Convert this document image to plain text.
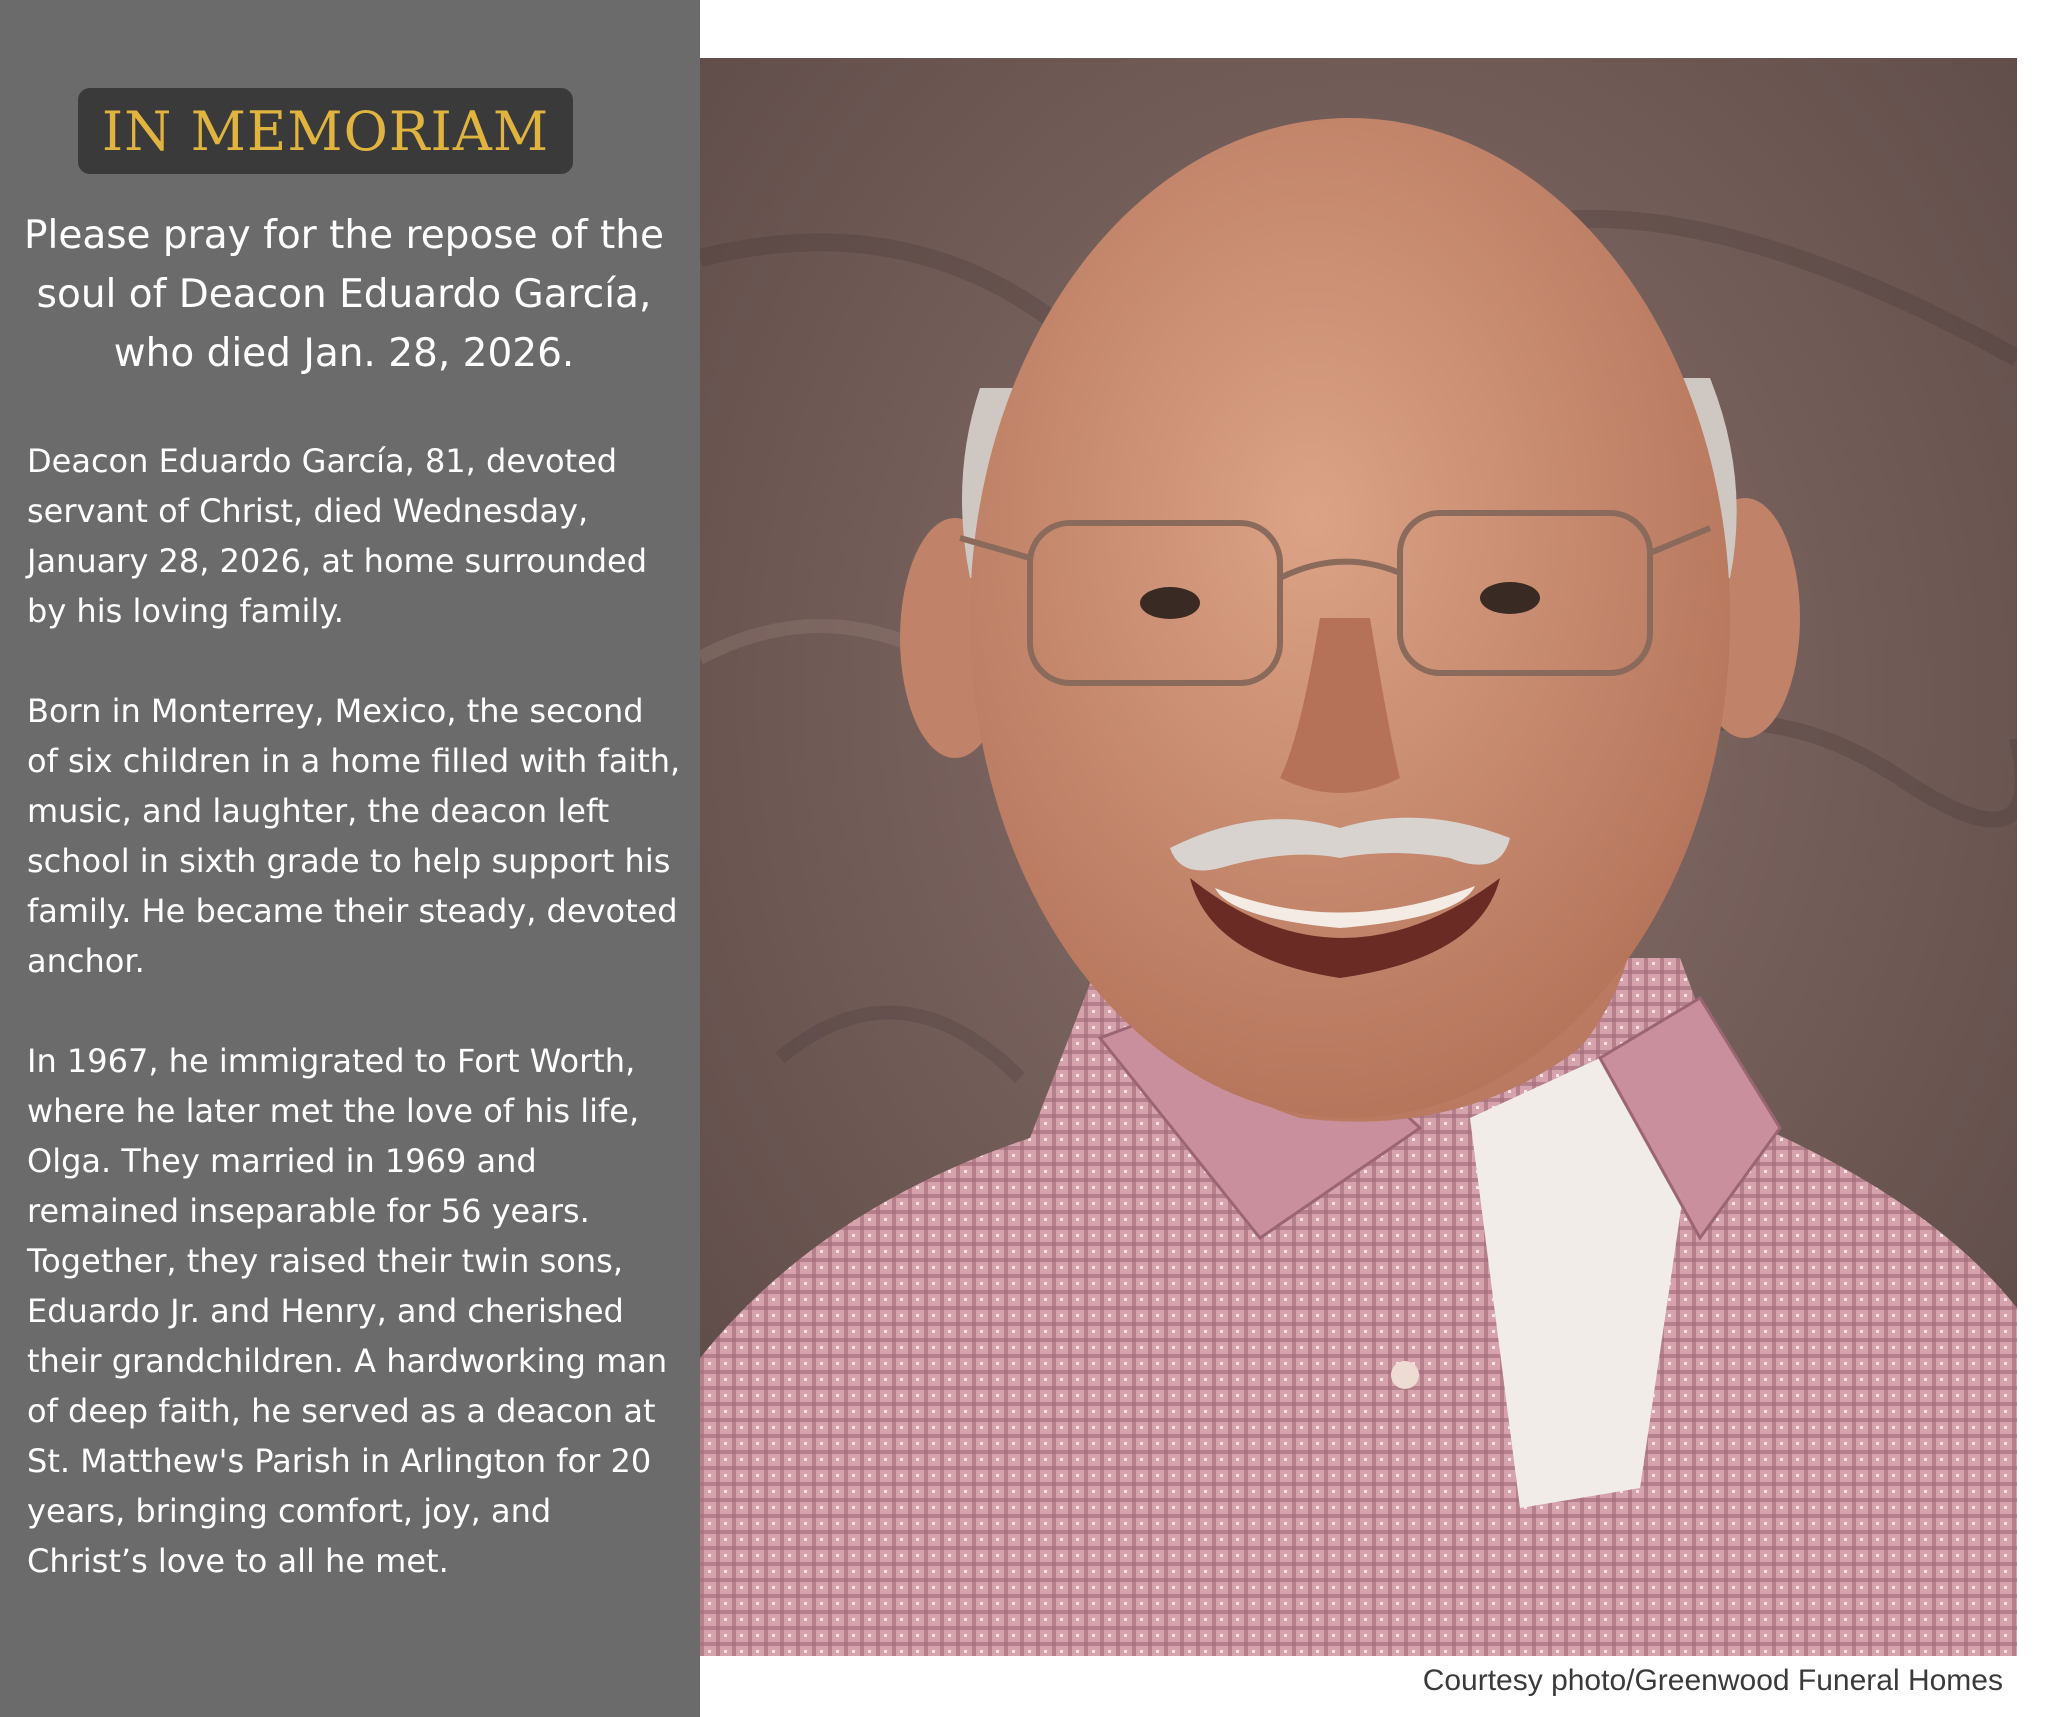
IN MEMORIAM
Please pray for the repose of the soul of Deacon Eduardo García, who died Jan. 28, 2026.

Deacon Eduardo García, 81, devoted servant of Christ, died Wednesday, January 28, 2026, at home surrounded by his loving family.

Born in Monterrey, Mexico, the second of six children in a home filled with faith, music, and laughter, the deacon left school in sixth grade to help support his family. He became their steady, devoted anchor.

In 1967, he immigrated to Fort Worth, where he later met the love of his life, Olga. They married in 1969 and remained inseparable for 56 years. Together, they raised their twin sons, Eduardo Jr. and Henry, and cherished their grandchildren. A hardworking man of deep faith, he served as a deacon at St. Matthew's Parish in Arlington for 20 years, bringing comfort, joy, and Christ’s love to all he met.

Courtesy photo/Greenwood Funeral Homes
